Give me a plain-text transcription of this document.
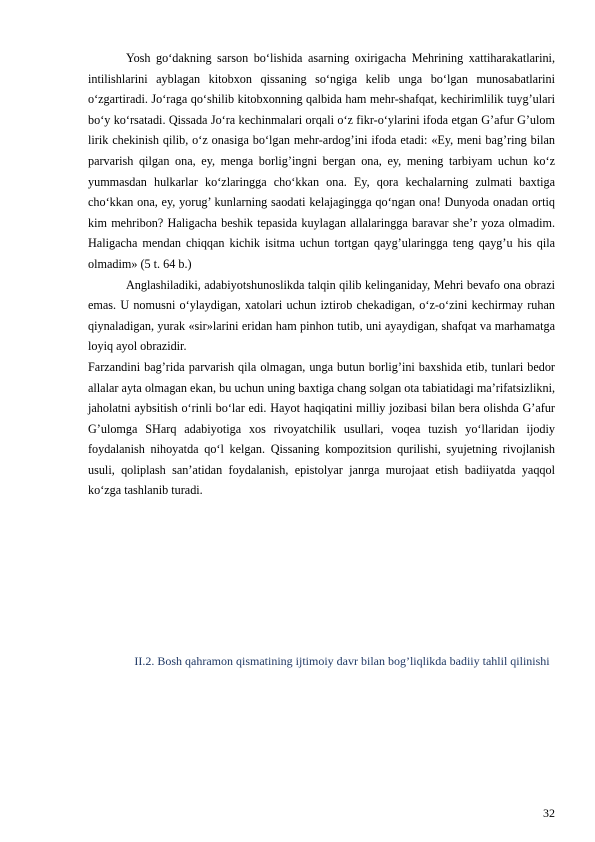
Yosh go‘dakning sarson bo‘lishida asarning oxirigacha Mehrining xattiharakatlarini, intilishlarini ayblagan kitobxon qissaning so‘ngiga kelib unga bo‘lgan munosabatlarini o‘zgartiradi. Jo‘raga qo‘shilib kitobxonning qalbida ham mehr-shafqat, kechirimlilik tuyg’ulari bo‘y ko‘rsatadi. Qissada Jo‘ra kechinmalari orqali o‘z fikr-o‘ylarini ifoda etgan G’afur G’ulom lirik chekinish qilib, o‘z onasiga bo‘lgan mehr-ardog’ini ifoda etadi: «Ey, meni bag’ring bilan parvarish qilgan ona, ey, menga borlig’ingni bergan ona, ey, mening tarbiyam uchun ko‘z yummasdan hulkarlar ko‘zlaringga cho‘kkan ona. Ey, qora kechalarning zulmati baxtiga cho‘kkan ona, ey, yorug’ kunlarning saodati kelajagingga qo‘ngan ona! Dunyoda onadan ortiq kim mehribon? Haligacha beshik tepasida kuylagan allalaringga baravar she’r yoza olmadim. Haligacha mendan chiqqan kichik isitma uchun tortgan qayg’ularingga teng qayg’u his qila olmadim» (5 t. 64 b.)

Anglashiladiki, adabiyotshunoslikda talqin qilib kelinganiday, Mehri bevafo ona obrazi emas. U nomusni o‘ylaydigan, xatolari uchun iztirob chekadigan, o‘z-o‘zini kechirmay ruhan qiynaladigan, yurak «sir»larini eridan ham pinhon tutib, uni ayaydigan, shafqat va marhamatga loyiq ayol obrazidir.

Farzandini bag’rida parvarish qila olmagan, unga butun borlig’ini baxshida etib, tunlari bedor allalar ayta olmagan ekan, bu uchun uning baxtiga chang solgan ota tabiatidagi ma’rifatsizlikni, jaholatni aybsitish o‘rinli bo‘lar edi. Hayot haqiqatini milliy jozibasi bilan bera olishda G’afur G’ulomga SHarq adabiyotiga xos rivoyatchilik usullari, voqea tuzish yo‘llaridan ijodiy foydalanish nihoyatda qo‘l kelgan. Qissaning kompozitsion qurilishi, syujetning rivojlanish usuli, qoliplash san’atidan foydalanish, epistolyar janrga murojaat etish badiiyatda yaqqol ko‘zga tashlanib turadi.

II.2. Bosh qahramon qismatining ijtimoiy davr bilan bog’liqlikda badiiy tahlil qilinishi
32
